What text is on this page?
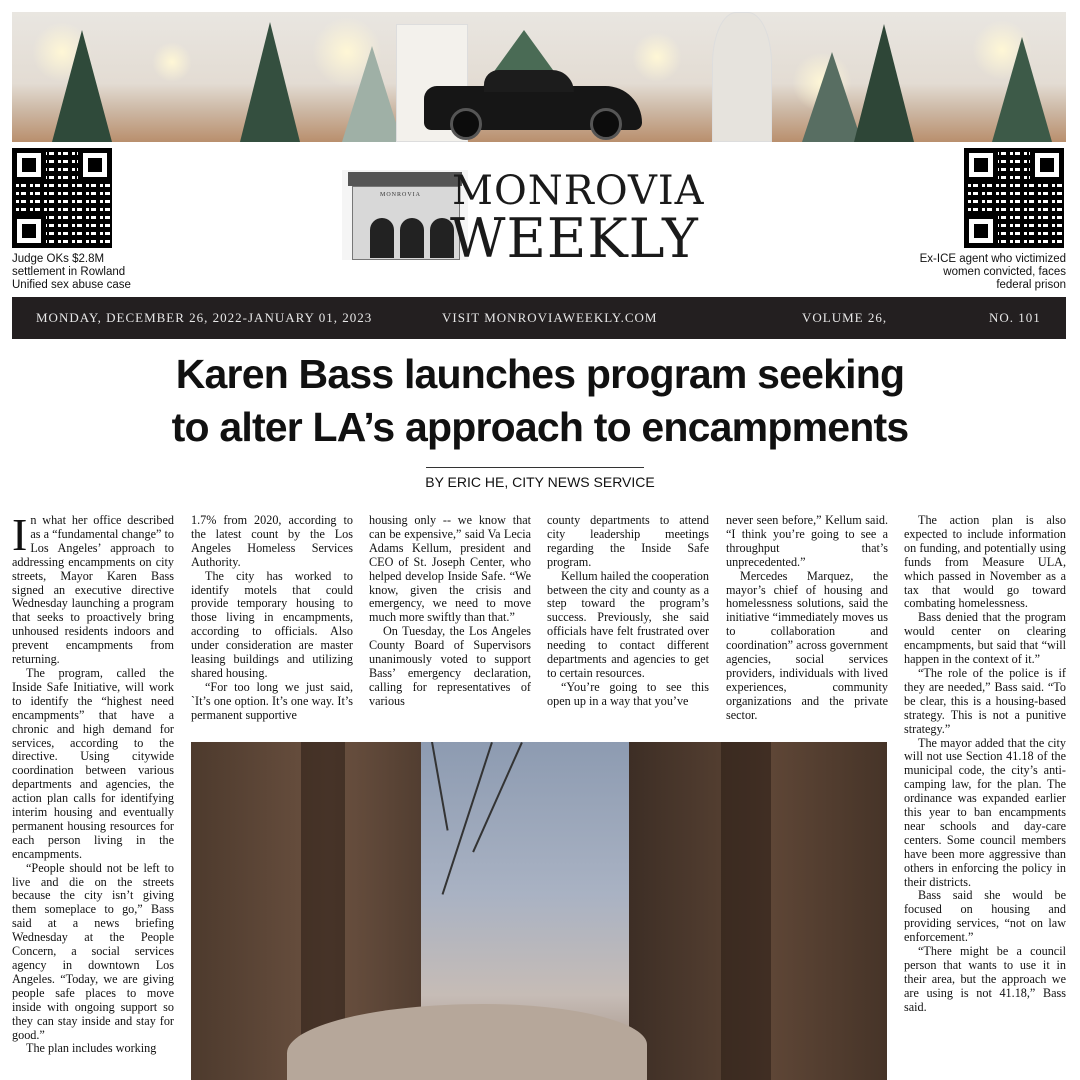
Judge OKs $2.8M settlement in Rowland Unified sex abuse case
Ex-ICE agent who victimized women convicted, faces federal prison
MONROVIA MONROVIA
WEEKLY
MONDAY, DECEMBER 26, 2022-JANUARY 01, 2023	VISIT MONROVIAWEEKLY.COM	VOLUME 26,	NO. 101
Karen Bass launches program seeking
to alter LA’s approach to encampments
BY ERIC HE, CITY NEWS SERVICE

In what her office described as a “fundamental change” to Los Angeles’ approach to addressing encampments on city streets, Mayor Karen Bass signed an executive directive Wednesday launching a program that seeks to proactively bring unhoused residents indoors and prevent encampments from returning.

The program, called the Inside Safe Initiative, will work to identify the “highest need encampments” that have a chronic and high demand for services, according to the directive. Using citywide coordination between various departments and agencies, the action plan calls for identifying interim housing and eventually permanent housing resources for each person living in the encampments.

“People should not be left to live and die on the streets because the city isn’t giving them someplace to go,” Bass said at a news briefing Wednesday at the People Concern, a social services agency in downtown Los Angeles. “Today, we are giving people safe places to move inside with ongoing support so they can stay inside and stay for good.”

The plan includes working

1.7% from 2020, according to the latest count by the Los Angeles Homeless Services Authority.

The city has worked to identify motels that could provide temporary housing to those living in encampments, according to officials. Also under consideration are master leasing buildings and utilizing shared housing.

“For too long we just said, `It’s one option. It’s one way. It’s permanent supportive

housing only -- we know that can be expensive,” said Va Lecia Adams Kellum, president and CEO of St. Joseph Center, who helped develop Inside Safe. “We know, given the crisis and emergency, we need to move much more swiftly than that.”

On Tuesday, the Los Angeles County Board of Supervisors unanimously voted to support Bass’ emergency declaration, calling for representatives of various

county departments to attend city leadership meetings regarding the Inside Safe program.

Kellum hailed the cooperation between the city and county as a step toward the program’s success. Previously, she said officials have felt frustrated over needing to contact different departments and agencies to get to certain resources.

“You’re going to see this open up in a way that you’ve

never seen before,” Kellum said. “I think you’re going to see a throughput that’s unprecedented.”

Mercedes Marquez, the mayor’s chief of housing and homelessness solutions, said the initiative “immediately moves us to collaboration and coordination” across government agencies, social services providers, individuals with lived experiences, community organizations and the private sector.

The action plan is also expected to include information on funding, and potentially using funds from Measure ULA, which passed in November as a tax that would go toward combating homelessness.

Bass denied that the program would center on clearing encampments, but said that “will happen in the context of it.”

“The role of the police is if they are needed,” Bass said. “To be clear, this is a housing-based strategy. This is not a punitive strategy.”

The mayor added that the city will not use Section 41.18 of the municipal code, the city’s anti-camping law, for the plan. The ordinance was expanded earlier this year to ban encampments near schools and day-care centers. Some council members have been more aggressive than others in enforcing the policy in their districts.

Bass said she would be focused on housing and providing services, “not on law enforcement.”

“There might be a council person that wants to use it in their area, but the approach we are using is not 41.18,” Bass said.
